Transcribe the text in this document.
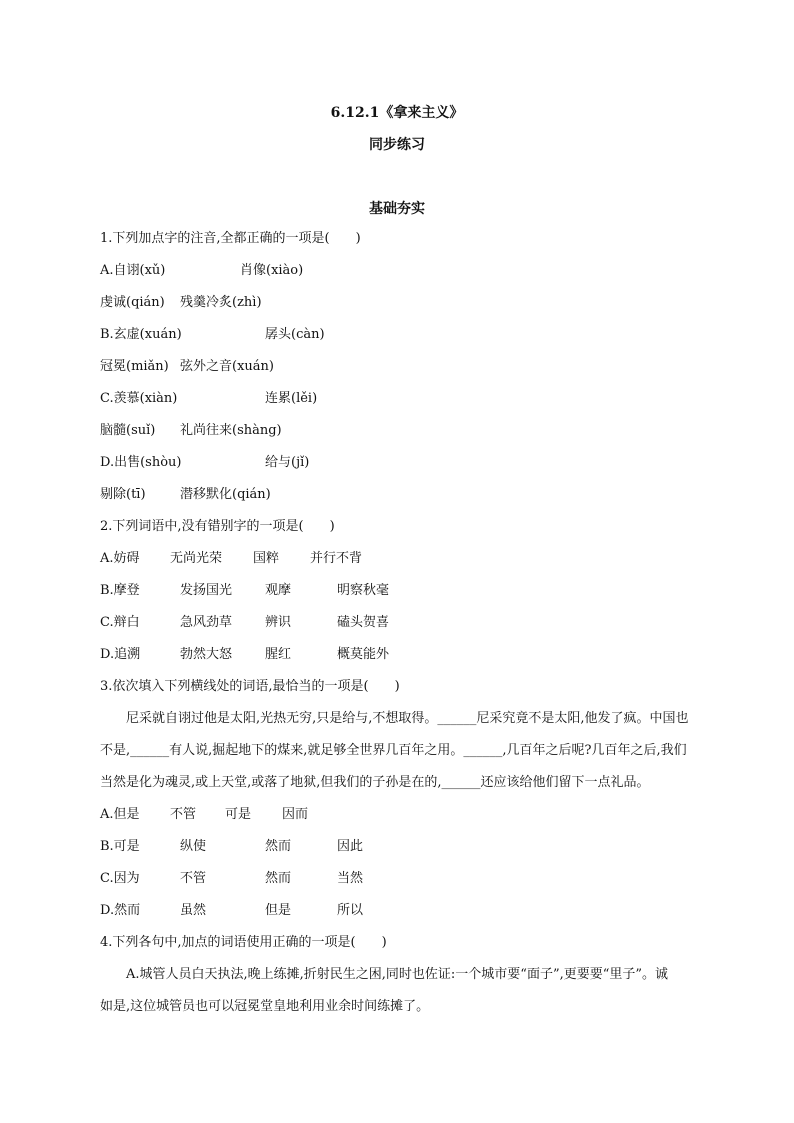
6.12.1《拿来主义》
同步练习
基础夯实
1.下列加点字的注音,全都正确的一项是(　　)
A.自诩(xǔ)	肖像(xiào)
虔诚(qián) 残羹冷炙(zhì)
B.玄虚(xuán)	孱头(càn)
冠冕(miǎn) 弦外之音(xuán)
C.羡慕(xiàn)	连累(lěi)
脑髓(suǐ) 礼尚往来(shàng)
D.出售(shòu)	给与(jǐ)
剔除(tī)	潜移默化(qián)
2.下列词语中,没有错别字的一项是(　　)
A.妨碍 无尚光荣 国粹 并行不背
B.摩登	发扬国光	观摩	明察秋毫
C.辩白	急风劲草	辨识	磕头贺喜
D.追溯	勃然大怒	腥红	概莫能外
3.依次填入下列横线处的词语,最恰当的一项是(　　)
尼采就自诩过他是太阳,光热无穷,只是给与,不想取得。______尼采究竟不是太阳,他发了疯。中国也
不是,______有人说,掘起地下的煤来,就足够全世界几百年之用。______,几百年之后呢?几百年之后,我们
当然是化为魂灵,或上天堂,或落了地狱,但我们的子孙是在的,______还应该给他们留下一点礼品。
A.但是 不管 可是 因而
B.可是	纵使	然而	因此
C.因为	不管	然而	当然
D.然而	虽然	但是	所以
4.下列各句中,加点的词语使用正确的一项是(　　)
A.城管人员白天执法,晚上练摊,折射民生之困,同时也佐证:一个城市要“面子”,更要要“里子”。诚
如是,这位城管员也可以冠冕堂皇地利用业余时间练摊了。
